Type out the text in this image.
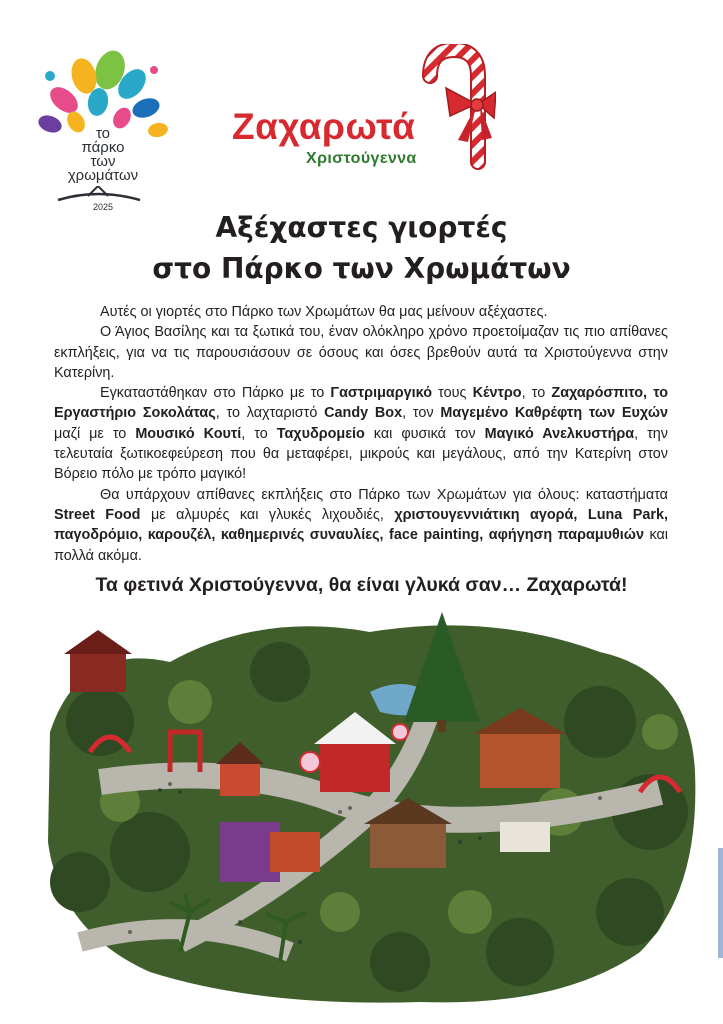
το
πάρκο
των
χρωμάτων
2025
Ζαχαρωτά
Χριστούγεννα
Αξέχαστες γιορτές
στο Πάρκο των Χρωμάτων

Αυτές οι γιορτές στο Πάρκο των Χρωμάτων θα μας μείνουν αξέχαστες.

Ο Άγιος Βασίλης και τα ξωτικά του, έναν ολόκληρο χρόνο προετοίμαζαν τις πιο απίθανες εκπλήξεις, για να τις παρουσιάσουν σε όσους και όσες βρεθούν αυτά τα Χριστούγεννα στην Κατερίνη.

Εγκαταστάθηκαν στο Πάρκο με το Γαστριμαργικό τους Κέντρο, το Ζαχαρόσπιτο, το Εργαστήριο Σοκολάτας, το λαχταριστό Candy Box, τον Μαγεμένο Καθρέφτη των Ευχών μαζί με το Μουσικό Κουτί, το Ταχυδρομείο και φυσικά τον Μαγικό Ανελκυστήρα, την τελευταία ξωτικοεφεύρεση που θα μεταφέρει, μικρούς και μεγάλους, από την Κατερίνη στον Βόρειο πόλο με τρόπο μαγικό!

Θα υπάρχουν απίθανες εκπλήξεις στο Πάρκο των Χρωμάτων για όλους: καταστήματα Street Food με αλμυρές και γλυκές λιχουδιές, χριστουγεννιάτικη αγορά, Luna Park, παγοδρόμιο, καρουζέλ, καθημερινές συναυλίες, face painting, αφήγηση παραμυθιών και πολλά ακόμα.

Τα φετινά Χριστούγεννα, θα είναι γλυκά σαν… Ζαχαρωτά!
